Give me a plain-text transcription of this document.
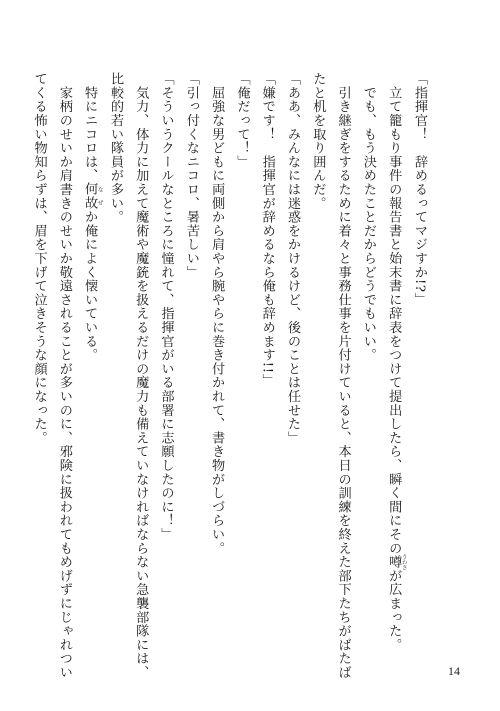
「指揮官！　辞めるってマジすか!?」
　立て籠もり事件の報告書と始末書に辞表をつけて提出したら、瞬く間にその噂 うわさが広まった。
　でも、もう決めたことだからどうでもいい。
　引き継ぎをするために着々と事務仕事を片付けていると、本日の訓練を終えた部下たちがばたば
たと机を取り囲んだ。
「ああ、みんなには迷惑をかけるけど、後のことは任せた」
「嫌です！　指揮官が辞めるなら俺も辞めます!!」
「俺だって！」
　屈強な男どもに両側から肩やら腕やらに巻き付かれて、書き物がしづらい。
「引っ付くなニコロ、暑苦しい」
「そういうクールなところに憧れて、指揮官がいる部署に志願したのに！」
　気力、体力に加えて魔術や魔銃を扱えるだけの魔力も備えていなければならない急襲部隊には、
比較的若い隊員が多い。
　特にニコロは、何故 なぜか俺によく懐いている。
　家柄のせいか肩書きのせいか敬遠されることが多いのに、邪険に扱われてもめげずにじゃれつい
てくる怖い物知らずは、眉を下げて泣きそうな顔になった。
14
